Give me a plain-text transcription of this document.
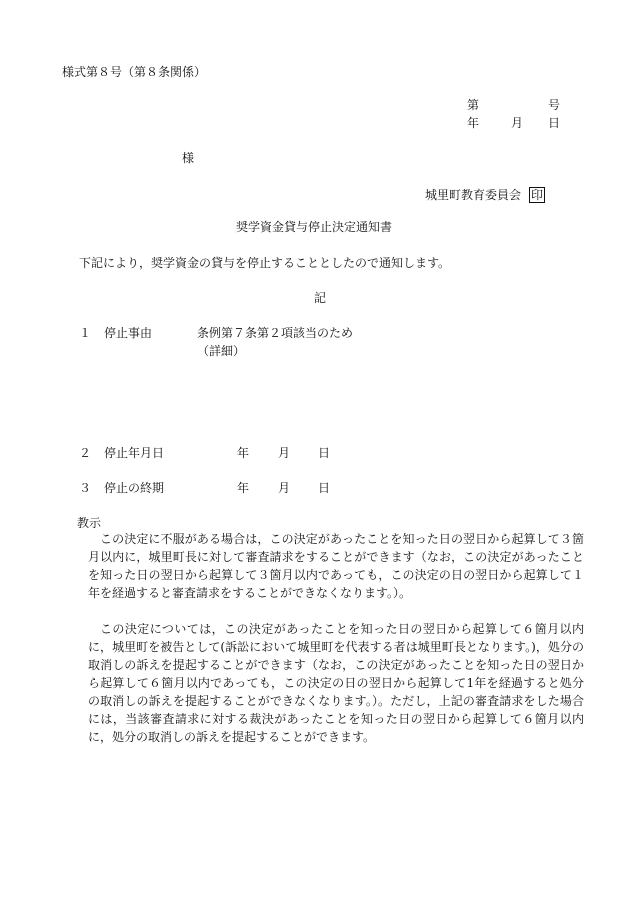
様式第８号（第８条関係）
第	号
年	月 日
様
城里町教育委員会 印
奨学資金貸与停止決定通知書
下記により，奨学資金の貸与を停止することとしたので通知します。
記
１ 停止事由	条例第７条第２項該当のため
（詳細）
２ 停止年月日	年 月 日
３ 停止の終期	年 月 日
教示
この決定に不服がある場合は，この決定があったことを知った日の翌日から起算して３箇月以内に，城里町長に対して審査請求をすることができます（なお，この決定があったことを知った日の翌日から起算して３箇月以内であっても，この決定の日の翌日から起算して１年を経過すると審査請求をすることができなくなります。）。
この決定については，この決定があったことを知った日の翌日から起算して６箇月以内に，城里町を被告として(訴訟において城里町を代表する者は城里町長となります。)，処分の取消しの訴えを提起することができます（なお，この決定があったことを知った日の翌日から起算して６箇月以内であっても，この決定の日の翌日から起算して1年を経過すると処分の取消しの訴えを提起することができなくなります。）。ただし，上記の審査請求をした場合には，当該審査請求に対する裁決があったことを知った日の翌日から起算して６箇月以内に，処分の取消しの訴えを提起することができます。
